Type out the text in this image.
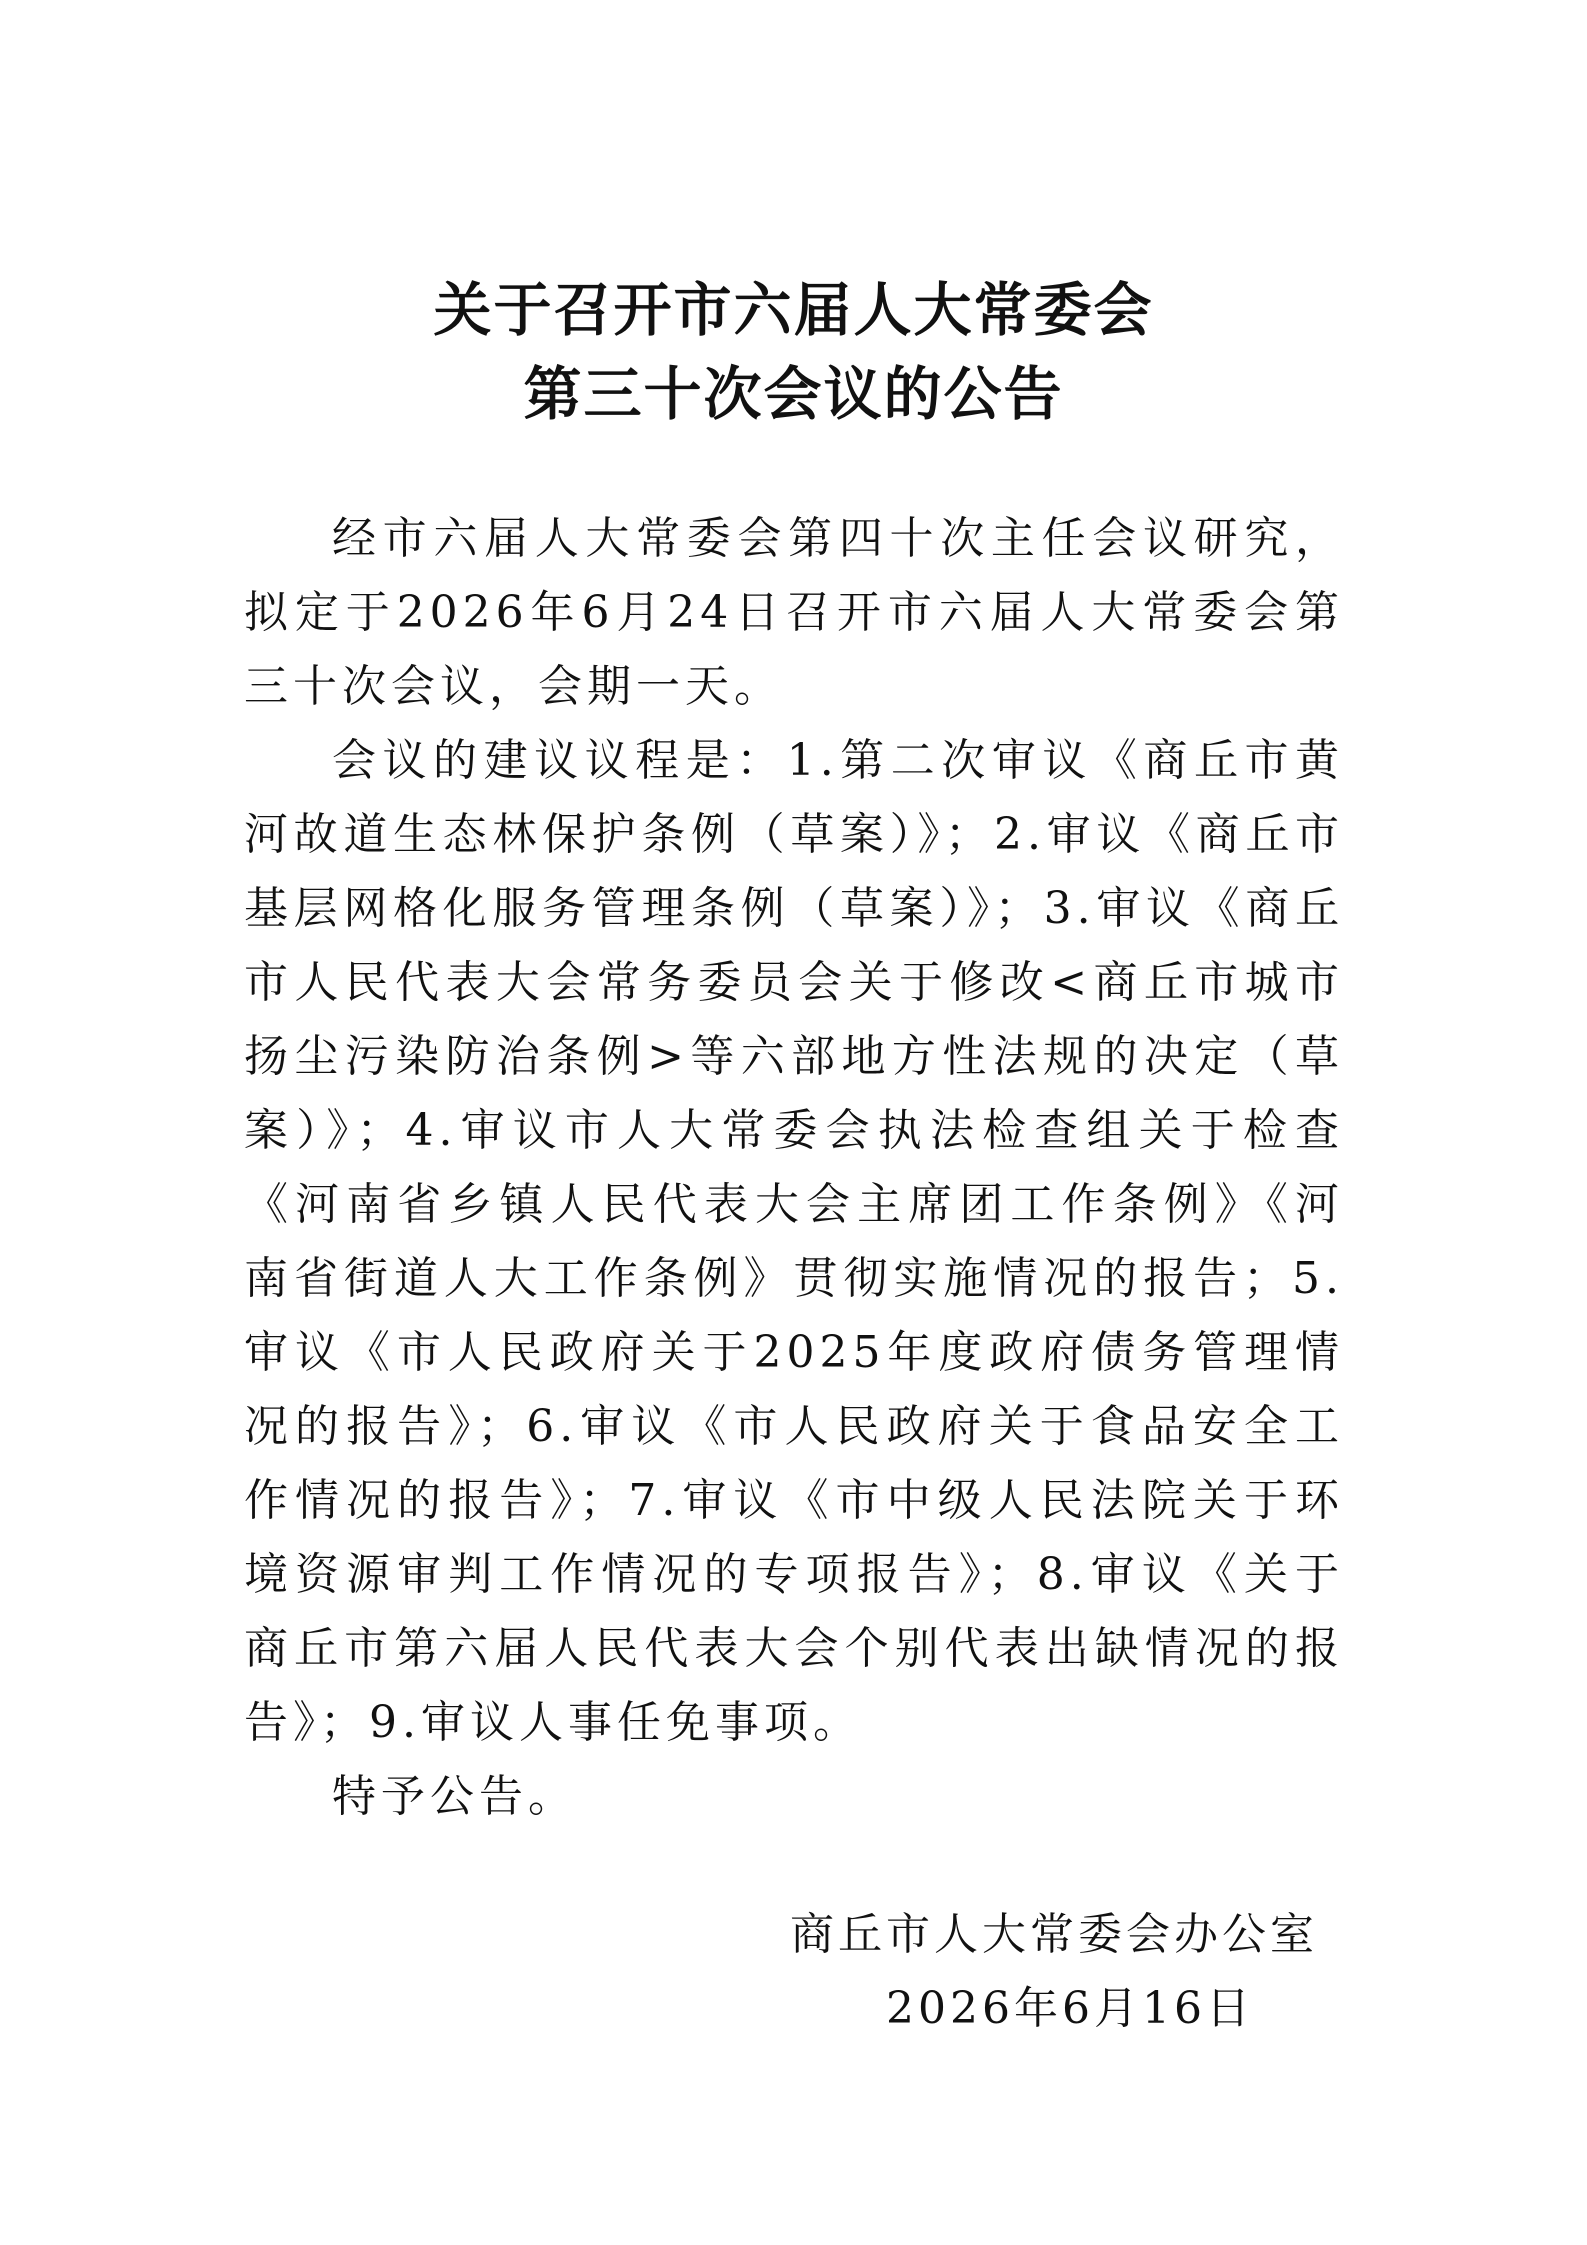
关于召开市六届人大常委会
第三十次会议的公告

经市六届人大常委会第四十次主任会议研究，拟定于2026年6月24日召开市六届人大常委会第三十次会议，会期一天。

会议的建议议程是：1.第二次审议《商丘市黄河故道生态林保护条例（草案）》；2.审议《商丘市基层网格化服务管理条例（草案）》；3.审议《商丘市人民代表大会常务委员会关于修改<商丘市城市扬尘污染防治条例>等六部地方性法规的决定（草案）》；4.审议市人大常委会执法检查组关于检查《河南省乡镇人民代表大会主席团工作条例》《河南省街道人大工作条例》贯彻实施情况的报告；5.审议《市人民政府关于2025年度政府债务管理情况的报告》；6.审议《市人民政府关于食品安全工作情况的报告》；7.审议《市中级人民法院关于环境资源审判工作情况的专项报告》；8.审议《关于商丘市第六届人民代表大会个别代表出缺情况的报告》；9.审议人事任免事项。

特予公告。

商丘市人大常委会办公室
2026年6月16日
